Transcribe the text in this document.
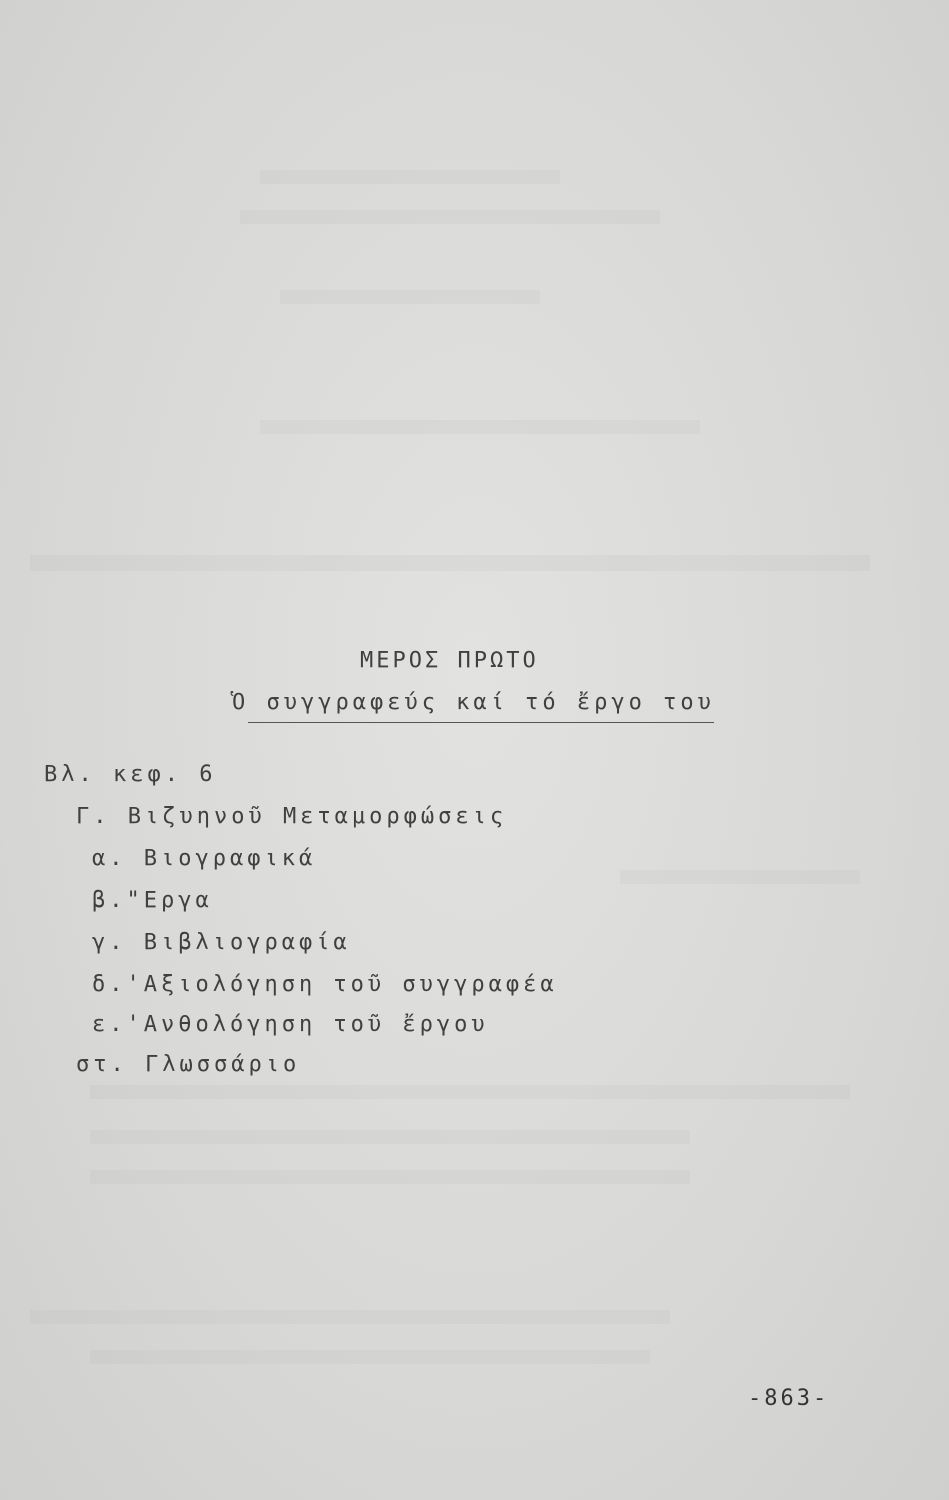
ΜΕΡΟΣ ΠΡΩΤΟ
Ὁ συγγραφεύς καί τό ἔργο του
Βλ. κεφ. 6
Γ. Βιζυηνοῦ Μεταμορφώσεις
α. Βιογραφικά
β."Εργα
γ. Βιβλιογραφία
δ.'Αξιολόγηση τοῦ συγγραφέα
ε.'Ανθολόγηση τοῦ ἔργου
στ. Γλωσσάριο
-863-
